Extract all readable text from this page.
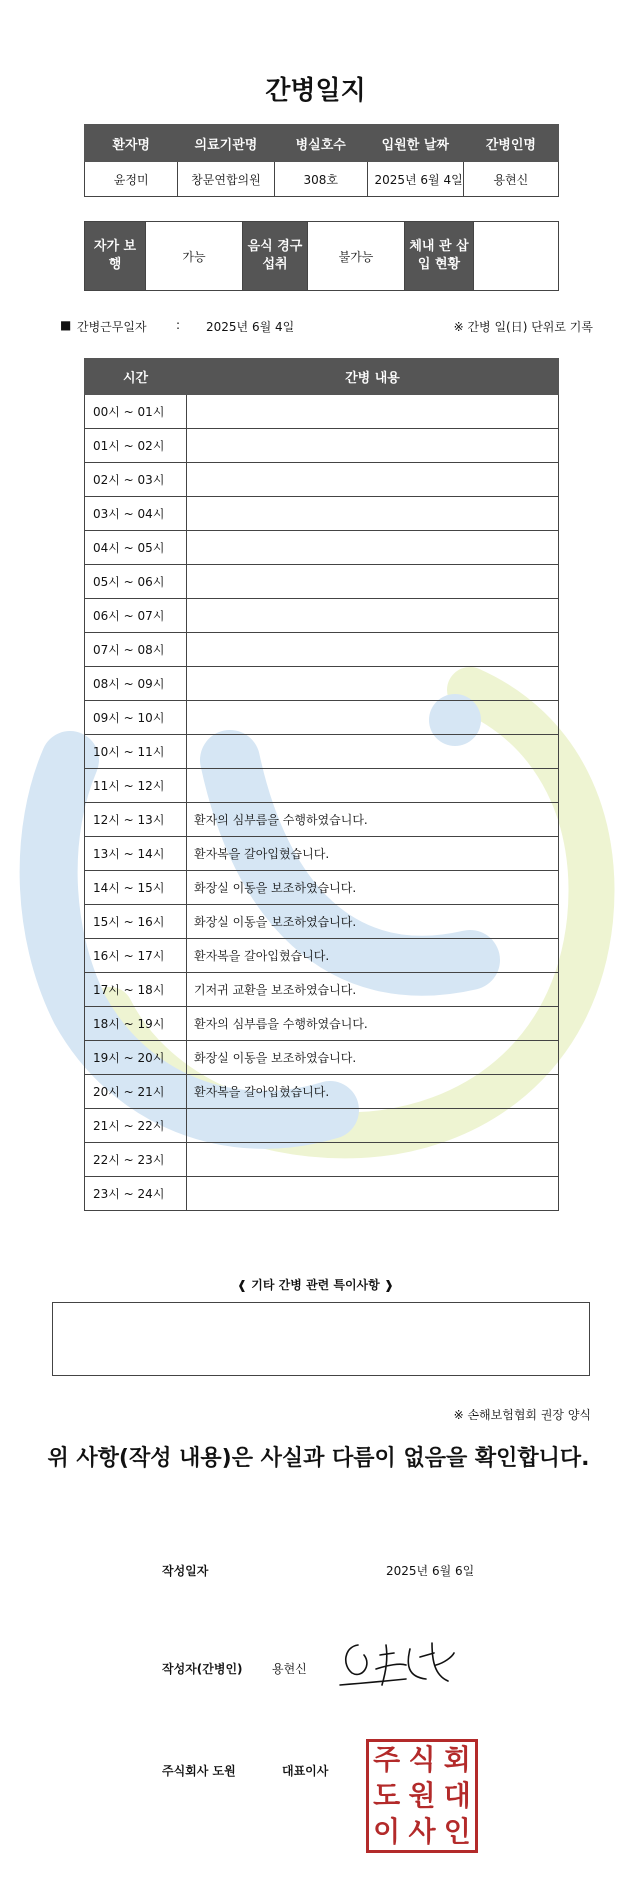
간병일지
환자명	의료기관명	병실호수	입원한 날짜	간병인명
윤정미	창문연합의원	308호	2025년 6월 4일	용현신
자가 보행	가능	음식 경구 섭취	불가능	체내 관 삽입 현황	
■ 간병근무일자 : 2025년 6월 4일	※ 간병 일(日) 단위로 기록
시간	간병 내용
00시 ~ 01시	
01시 ~ 02시	
02시 ~ 03시	
03시 ~ 04시	
04시 ~ 05시	
05시 ~ 06시	
06시 ~ 07시	
07시 ~ 08시	
08시 ~ 09시	
09시 ~ 10시	
10시 ~ 11시	
11시 ~ 12시	
12시 ~ 13시	환자의 심부름을 수행하였습니다.
13시 ~ 14시	환자복을 갈아입혔습니다.
14시 ~ 15시	화장실 이동을 보조하였습니다.
15시 ~ 16시	화장실 이동을 보조하였습니다.
16시 ~ 17시	환자복을 갈아입혔습니다.
17시 ~ 18시	기저귀 교환을 보조하였습니다.
18시 ~ 19시	환자의 심부름을 수행하였습니다.
19시 ~ 20시	화장실 이동을 보조하였습니다.
20시 ~ 21시	환자복을 갈아입혔습니다.
21시 ~ 22시	
22시 ~ 23시	
23시 ~ 24시	
❰ 기타 간병 관련 특이사항 ❱
※ 손해보험협회 권장 양식
위 사항(작성 내용)은 사실과 다름이 없음을 확인합니다.
작성일자	2025년 6월 6일
작성자(간병인) 용현신
주식회사 도원	대표이사 주 식 회
도 원 대
이 사 인
